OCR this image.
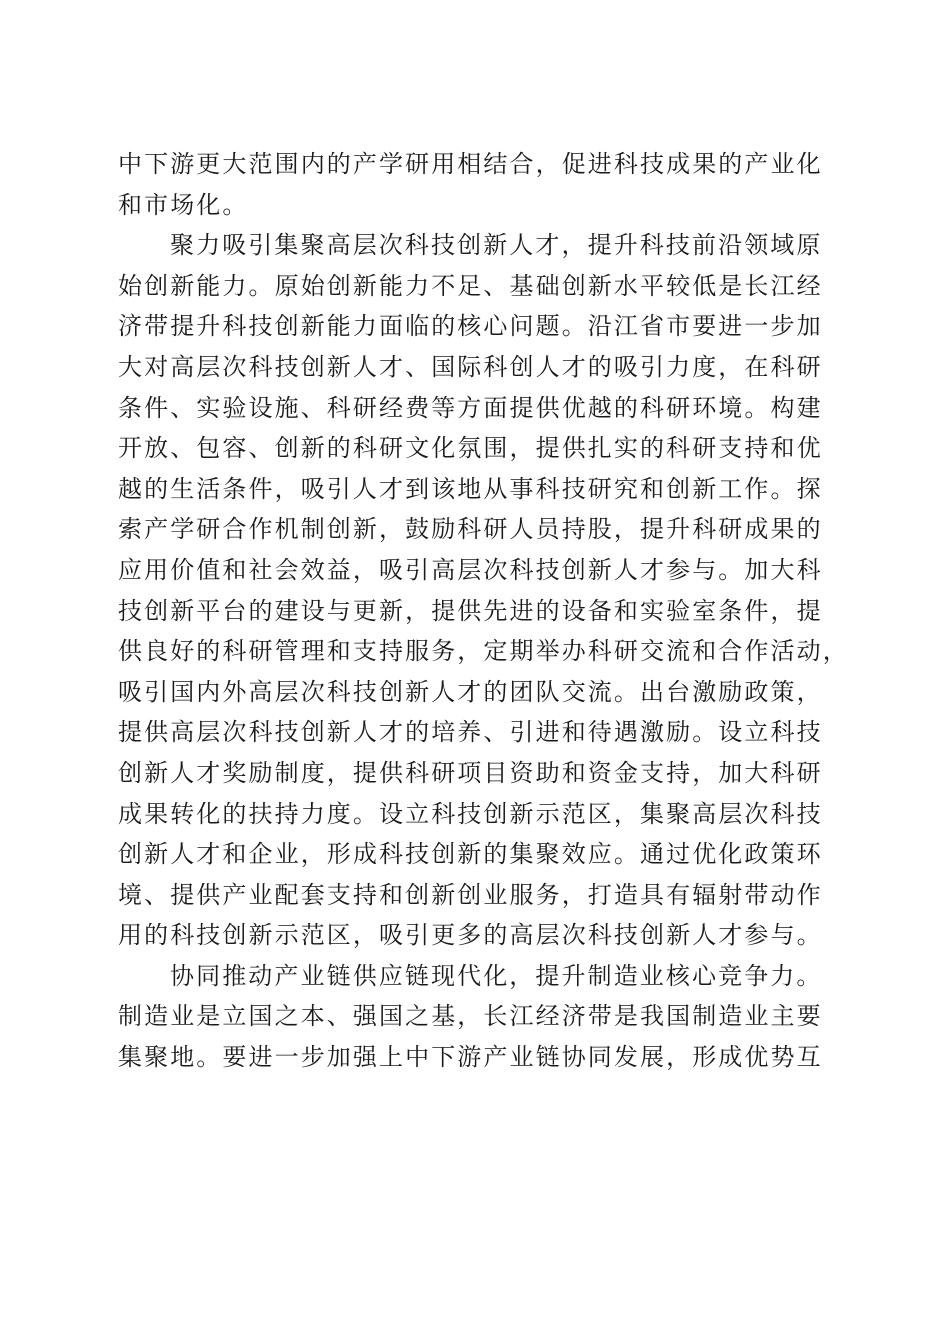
中下游更大范围内的产学研用相结合，促进科技成果的产业化
和市场化。
聚力吸引集聚高层次科技创新人才，提升科技前沿领域原
始创新能力。原始创新能力不足、基础创新水平较低是长江经
济带提升科技创新能力面临的核心问题。沿江省市要进一步加
大对高层次科技创新人才、国际科创人才的吸引力度，在科研
条件、实验设施、科研经费等方面提供优越的科研环境。构建
开放、包容、创新的科研文化氛围，提供扎实的科研支持和优
越的生活条件，吸引人才到该地从事科技研究和创新工作。探
索产学研合作机制创新，鼓励科研人员持股，提升科研成果的
应用价值和社会效益，吸引高层次科技创新人才参与。加大科
技创新平台的建设与更新，提供先进的设备和实验室条件，提
供良好的科研管理和支持服务，定期举办科研交流和合作活动，
吸引国内外高层次科技创新人才的团队交流。出台激励政策，
提供高层次科技创新人才的培养、引进和待遇激励。设立科技
创新人才奖励制度，提供科研项目资助和资金支持，加大科研
成果转化的扶持力度。设立科技创新示范区，集聚高层次科技
创新人才和企业，形成科技创新的集聚效应。通过优化政策环
境、提供产业配套支持和创新创业服务，打造具有辐射带动作
用的科技创新示范区，吸引更多的高层次科技创新人才参与。
协同推动产业链供应链现代化，提升制造业核心竞争力。
制造业是立国之本、强国之基，长江经济带是我国制造业主要
集聚地。要进一步加强上中下游产业链协同发展，形成优势互
